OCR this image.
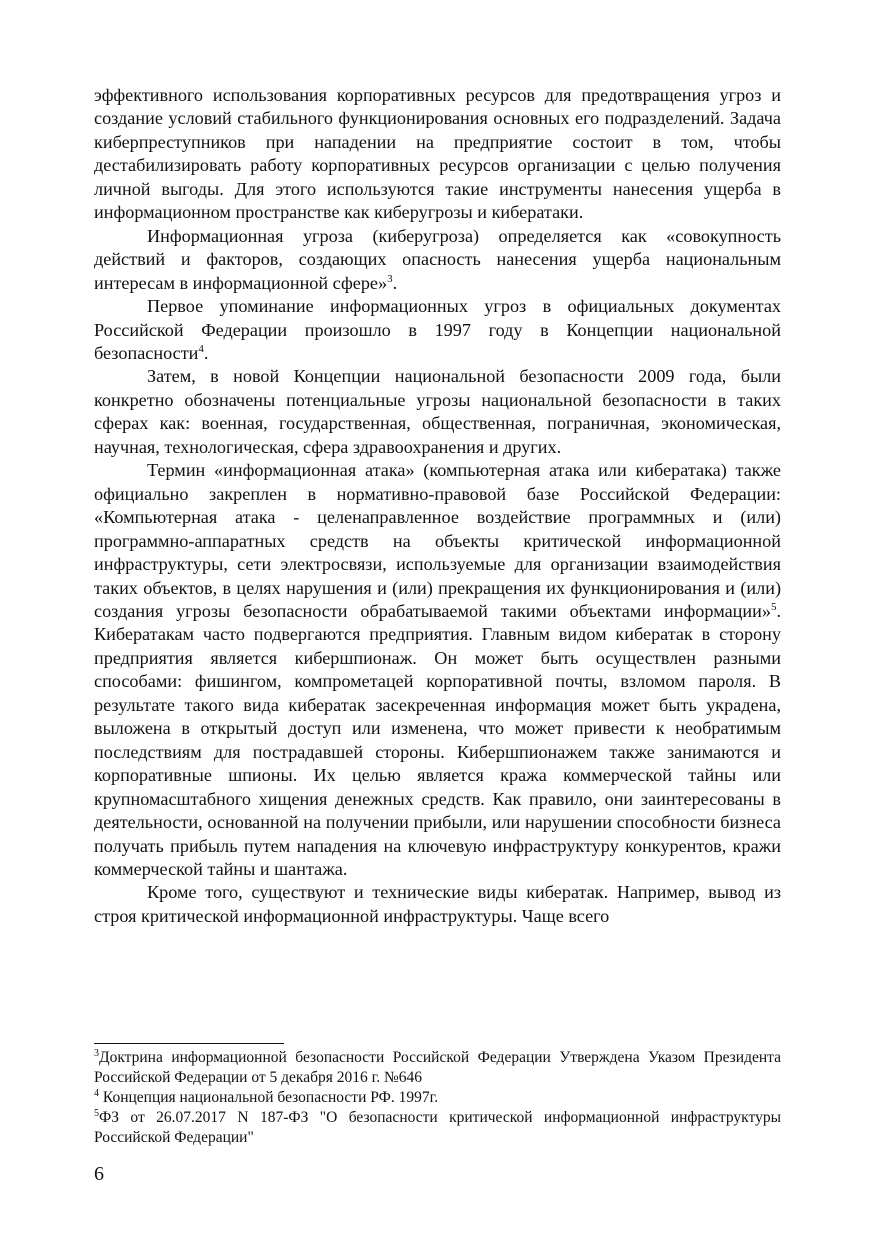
эффективного использования корпоративных ресурсов для предотвращения угроз и создание условий стабильного функционирования основных его подразделений. Задача киберпреступников при нападении на предприятие состоит в том, чтобы дестабилизировать работу корпоративных ресурсов организации с целью получения личной выгоды. Для этого используются такие инструменты нанесения ущерба в информационном пространстве как киберугрозы и кибератаки.

Информационная угроза (киберугроза) определяется как «совокупность действий и факторов, создающих опасность нанесения ущерба национальным интересам в информационной сфере»$^3$.

Первое упоминание информационных угроз в официальных документах Российской Федерации произошло в 1997 году в Концепции национальной безопасности$^4$.

Затем, в новой Концепции национальной безопасности 2009 года, были конкретно обозначены потенциальные угрозы национальной безопасности в таких сферах как: военная, государственная, общественная, пограничная, экономическая, научная, технологическая, сфера здравоохранения и других.

Термин «информационная атака» (компьютерная атака или кибератака) также официально закреплен в нормативно-правовой базе Российской Федерации: «Компьютерная атака - целенаправленное воздействие программных и (или) программно-аппаратных средств на объекты критической информационной инфраструктуры, сети электросвязи, используемые для организации взаимодействия таких объектов, в целях нарушения и (или) прекращения их функционирования и (или) создания угрозы безопасности обрабатываемой такими объектами информации»$^5$. Кибератакам часто подвергаются предприятия. Главным видом кибератак в сторону предприятия является кибершпионаж. Он может быть осуществлен разными способами: фишингом, компрометацей корпоративной почты, взломом пароля. В результате такого вида кибератак засекреченная информация может быть украдена, выложена в открытый доступ или изменена, что может привести к необратимым последствиям для пострадавшей стороны. Кибершпионажем также занимаются и корпоративные шпионы. Их целью является кража коммерческой тайны или крупномасштабного хищения денежных средств. Как правило, они заинтересованы в деятельности, основанной на получении прибыли, или нарушении способности бизнеса получать прибыль путем нападения на ключевую инфраструктуру конкурентов, кражи коммерческой тайны и шантажа.

Кроме того, существуют и технические виды кибератак. Например, вывод из строя критической информационной инфраструктуры. Чаще всего

$^3$Доктрина информационной безопасности Российской Федерации Утверждена Указом Президента Российской Федерации от 5 декабря 2016 г. №646

$^4$ Концепция национальной безопасности РФ. 1997г.

$^5$ФЗ от 26.07.2017 N 187-ФЗ "О безопасности критической информационной инфраструктуры Российской Федерации"

6
